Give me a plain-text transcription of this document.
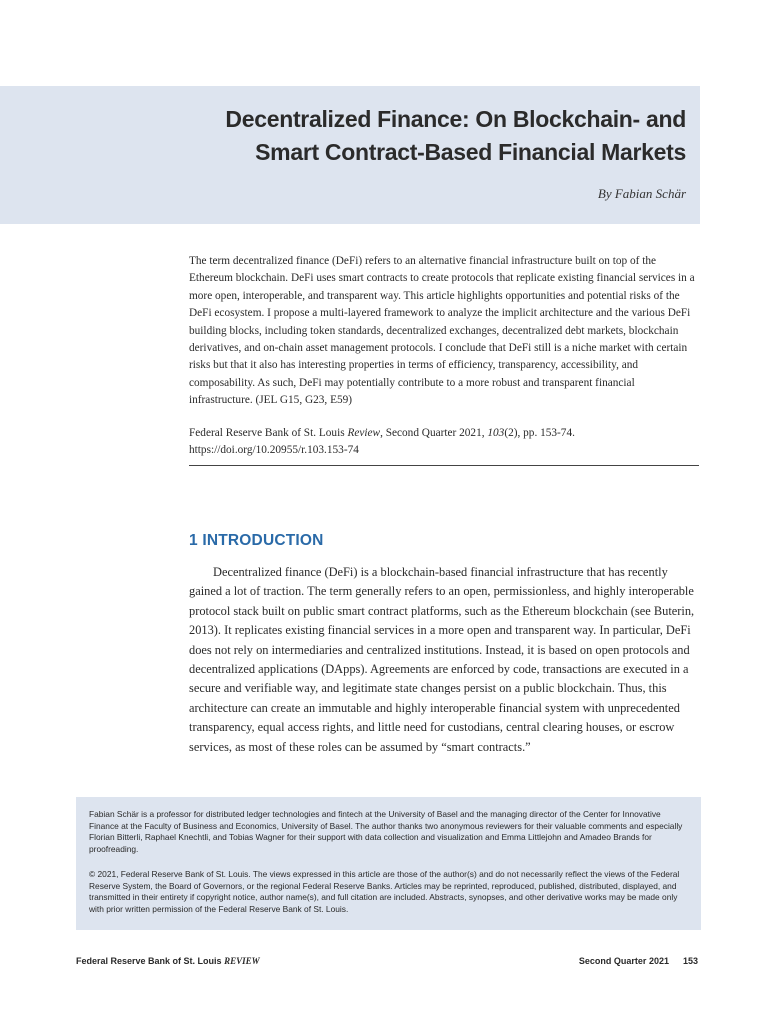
Decentralized Finance: On Blockchain- and
Smart Contract-Based Financial Markets
By Fabian Schär

The term decentralized finance (DeFi) refers to an alternative financial infrastructure built on top of the Ethereum blockchain. DeFi uses smart contracts to create protocols that replicate existing financial services in a more open, interoperable, and transparent way. This article highlights opportunities and potential risks of the DeFi ecosystem. I propose a multi-layered framework to analyze the implicit architecture and the various DeFi building blocks, including token standards, decentralized exchanges, decentralized debt markets, blockchain derivatives, and on-chain asset management protocols. I conclude that DeFi still is a niche market with certain risks but that it also has interesting properties in terms of efficiency, transparency, accessibility, and composability. As such, DeFi may potentially contribute to a more robust and transparent financial infrastructure. (JEL G15, G23, E59)

Federal Reserve Bank of St. Louis Review, Second Quarter 2021, 103(2), pp. 153-74.
https://doi.org/10.20955/r.103.153-74

1 INTRODUCTION

Decentralized finance (DeFi) is a blockchain-based financial infrastructure that has recently gained a lot of traction. The term generally refers to an open, permissionless, and highly interoperable protocol stack built on public smart contract platforms, such as the Ethereum blockchain (see Buterin, 2013). It replicates existing financial services in a more open and transparent way. In particular, DeFi does not rely on intermediaries and centralized institutions. Instead, it is based on open protocols and decentralized applications (DApps). Agreements are enforced by code, transactions are executed in a secure and verifiable way, and legitimate state changes persist on a public blockchain. Thus, this architecture can create an immutable and highly interoperable financial system with unprecedented transparency, equal access rights, and little need for custodians, central clearing houses, or escrow services, as most of these roles can be assumed by “smart contracts.”

Fabian Schär is a professor for distributed ledger technologies and fintech at the University of Basel and the managing director of the Center for Innovative Finance at the Faculty of Business and Economics, University of Basel. The author thanks two anonymous reviewers for their valuable comments and especially Florian Bitterli, Raphael Knechtli, and Tobias Wagner for their support with data collection and visualization and Emma Littlejohn and Amadeo Brands for proofreading.

© 2021, Federal Reserve Bank of St. Louis. The views expressed in this article are those of the author(s) and do not necessarily reflect the views of the Federal Reserve System, the Board of Governors, or the regional Federal Reserve Banks. Articles may be reprinted, reproduced, published, distributed, displayed, and transmitted in their entirety if copyright notice, author name(s), and full citation are included. Abstracts, synopses, and other derivative works may be made only with prior written permission of the Federal Reserve Bank of St. Louis.

Federal Reserve Bank of St. Louis REVIEW	Second Quarter 2021 153
